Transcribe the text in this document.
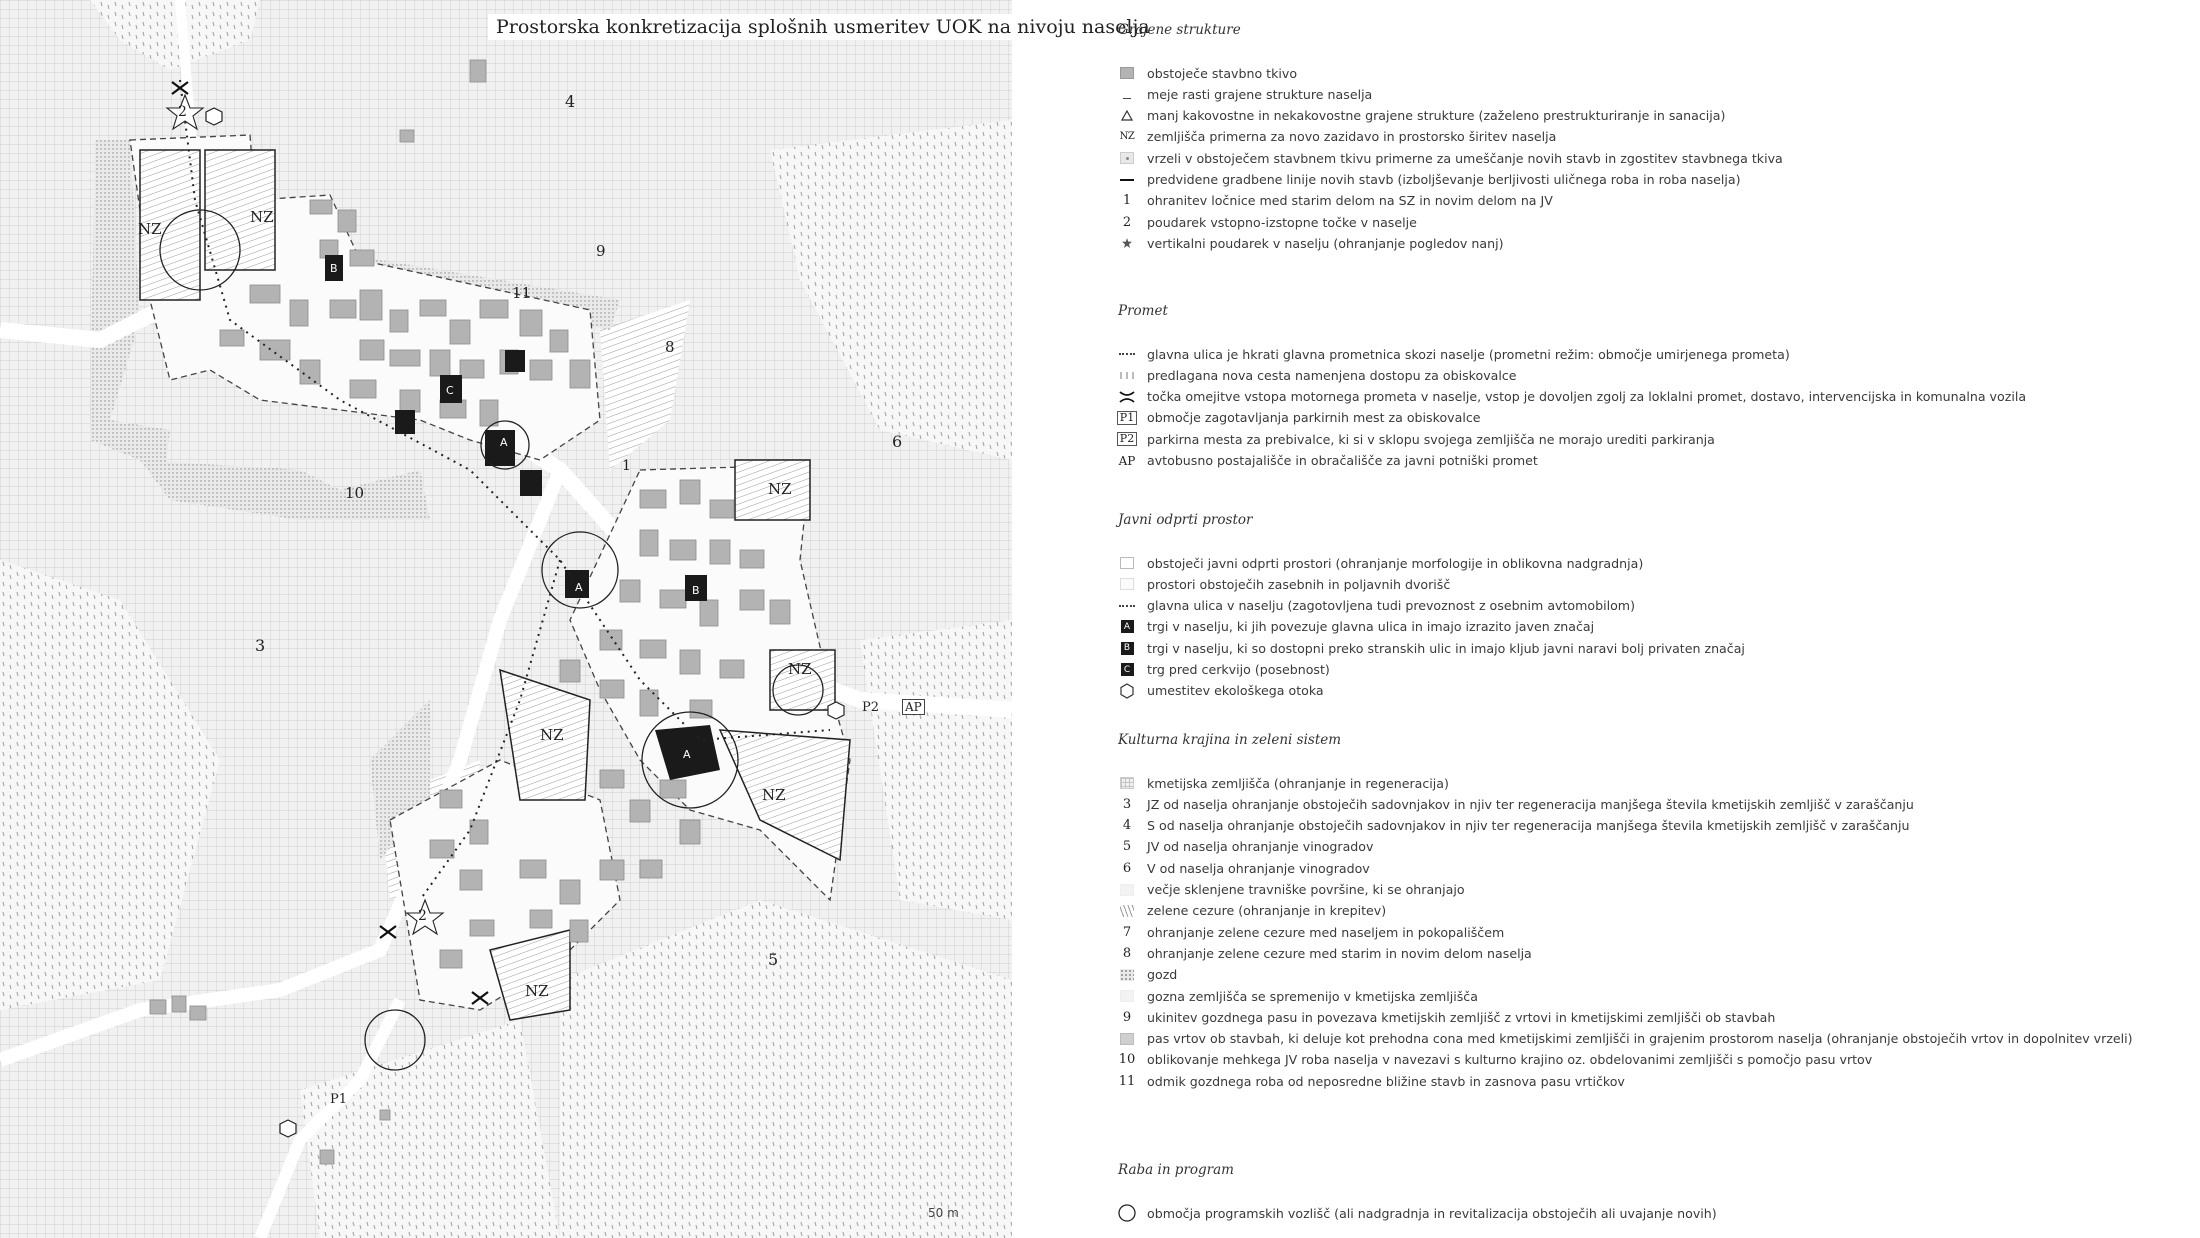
4
3
5
6
8
9
10
11
1
NZ
NZ
NZ
NZ
NZ
NZ
NZ
P1
P2 AP
2
2
A
A
A
B
B
C
Prostorska konkretizacija splošnih usmeritev UOK na nivoju naselja
50 m
Grajene strukture
obstoječe stavbno tkivo
meje rasti grajene strukture naselja
manj kakovostne in nekakovostne grajene strukture (zaželeno prestrukturiranje in sanacija)
NZ zemljišča primerna za novo zazidavo in prostorsko širitev naselja
vrzeli v obstoječem stavbnem tkivu primerne za umeščanje novih stavb in zgostitev stavbnega tkiva
predvidene gradbene linije novih stavb (izboljševanje berljivosti uličnega roba in roba naselja)
1 ohranitev ločnice med starim delom na SZ in novim delom na JV
2 poudarek vstopno-izstopne točke v naselje
vertikalni poudarek v naselju (ohranjanje pogledov nanj)
Promet
glavna ulica je hkrati glavna prometnica skozi naselje (prometni režim: območje umirjenega prometa)
predlagana nova cesta namenjena dostopu za obiskovalce
točka omejitve vstopa motornega prometa v naselje, vstop je dovoljen zgolj za loklalni promet, dostavo, intervencijska in komunalna vozila
P1 območje zagotavljanja parkirnih mest za obiskovalce
P2 parkirna mesta za prebivalce, ki si v sklopu svojega zemljišča ne morajo urediti parkiranja
AP avtobusno postajališče in obračališče za javni potniški promet
Javni odprti prostor
obstoječi javni odprti prostori (ohranjanje morfologije in oblikovna nadgradnja)
prostori obstoječih zasebnih in poljavnih dvorišč
glavna ulica v naselju (zagotovljena tudi prevoznost z osebnim avtomobilom)
A trgi v naselju, ki jih povezuje glavna ulica in imajo izrazito javen značaj
B trgi v naselju, ki so dostopni preko stranskih ulic in imajo kljub javni naravi bolj privaten značaj
C trg pred cerkvijo (posebnost)
umestitev ekološkega otoka
Kulturna krajina in zeleni sistem
kmetijska zemljišča (ohranjanje in regeneracija)
3 JZ od naselja ohranjanje obstoječih sadovnjakov in njiv ter regeneracija manjšega števila kmetijskih zemljišč v zaraščanju
4 S od naselja ohranjanje obstoječih sadovnjakov in njiv ter regeneracija manjšega števila kmetijskih zemljišč v zaraščanju
5 JV od naselja ohranjanje vinogradov
6 V od naselja ohranjanje vinogradov
večje sklenjene travniške površine, ki se ohranjajo
zelene cezure (ohranjanje in krepitev)
7 ohranjanje zelene cezure med naseljem in pokopališčem
8 ohranjanje zelene cezure med starim in novim delom naselja
gozd
gozna zemljišča se spremenijo v kmetijska zemljišča
9 ukinitev gozdnega pasu in povezava kmetijskih zemljišč z vrtovi in kmetijskimi zemljišči ob stavbah
pas vrtov ob stavbah, ki deluje kot prehodna cona med kmetijskimi zemljišči in grajenim prostorom naselja (ohranjanje obstoječih vrtov in dopolnitev vrzeli)
10 oblikovanje mehkega JV roba naselja v navezavi s kulturno krajino oz. obdelovanimi zemljišči s pomočjo pasu vrtov
11 odmik gozdnega roba od neposredne bližine stavb in zasnova pasu vrtičkov
Raba in program
območja programskih vozlišč (ali nadgradnja in revitalizacija obstoječih ali uvajanje novih)
